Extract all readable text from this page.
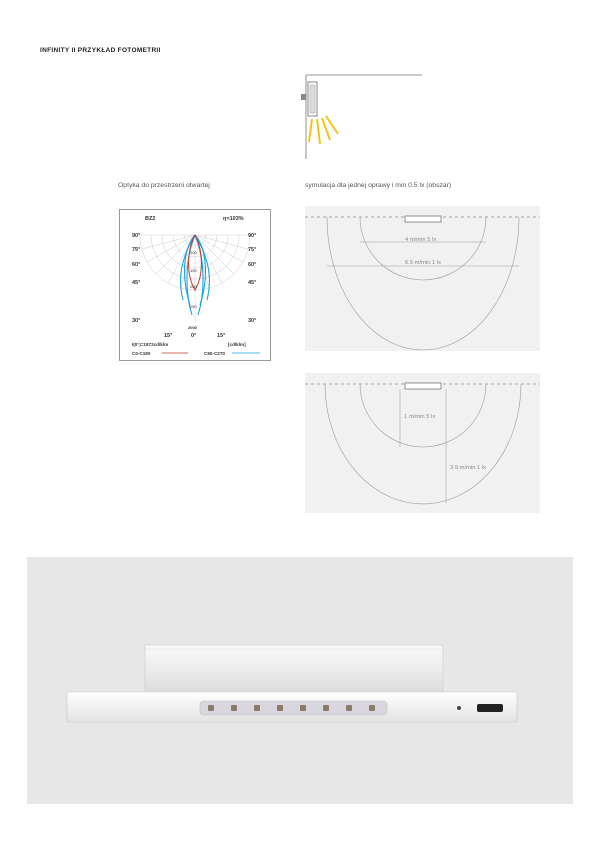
INFINITY II PRZYKŁAD FOTOMETRII
Optyka do przestrzeni otwartej	symulacja dla jednej oprawy i min 0.5 lx (obszar)
BZ2	η=103%
90°
75°
60°
45°
30°
90°
75°
60°
45°
30°
15°	0°	15°
100
150
200
250
2000
I(0°)=1872cd/klm	[cd/klm]
C0-C180	C90-C270
4 m/min 5 lx
6.5 m/min 1 lx
1 m/min 5 lx
3.9 m/min 1 lx
